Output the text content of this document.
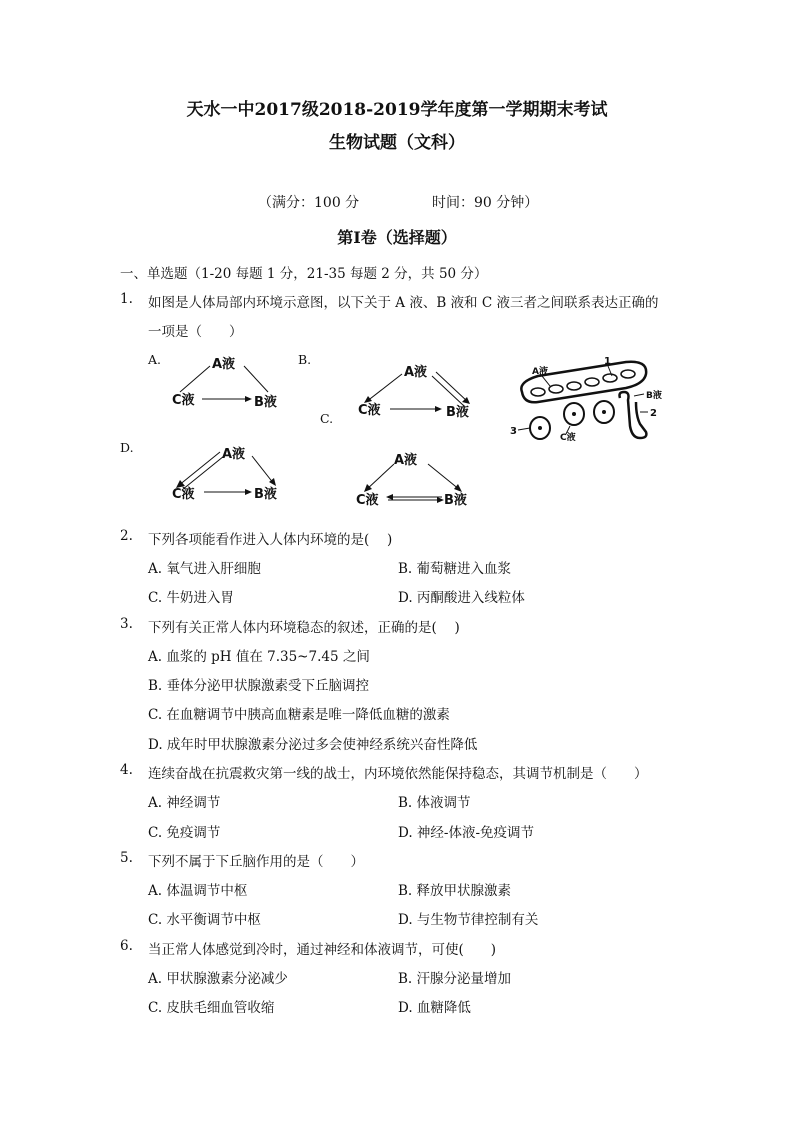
天水一中2017级2018-2019学年度第一学期期末考试
生物试题（文科）
（满分：100 分	时间：90 分钟）
第Ⅰ卷（选择题）
一、单选题（1-20 每题 1 分，21-35 每题 2 分，共 50 分）
1. 如图是人体局部内环境示意图，以下关于 A 液、B 液和 C 液三者之间联系表达正确的
一项是（　　）
A.	B.
C.
D.
A液
C液	B液
A液
C液	B液
A液
1
B液
2
3
C液
A液
C液	B液
A液
C液	B液
2. 下列各项能看作进入人体内环境的是(　 )
A. 氧气进入肝细胞	B. 葡萄糖进入血浆
C. 牛奶进入胃	D. 丙酮酸进入线粒体
3. 下列有关正常人体内环境稳态的叙述，正确的是(　 )
A. 血浆的 pH 值在 7.35~7.45 之间
B. 垂体分泌甲状腺激素受下丘脑调控
C. 在血糖调节中胰高血糖素是唯一降低血糖的激素
D. 成年时甲状腺激素分泌过多会使神经系统兴奋性降低
4. 连续奋战在抗震救灾第一线的战士，内环境依然能保持稳态，其调节机制是（　　）
A. 神经调节	B. 体液调节
C. 免疫调节	D. 神经-体液-免疫调节
5. 下列不属于下丘脑作用的是（　　）
A. 体温调节中枢	B. 释放甲状腺激素
C. 水平衡调节中枢	D. 与生物节律控制有关
6. 当正常人体感觉到冷时，通过神经和体液调节，可使(　　)
A. 甲状腺激素分泌减少	B. 汗腺分泌量增加
C. 皮肤毛细血管收缩	D. 血糖降低
